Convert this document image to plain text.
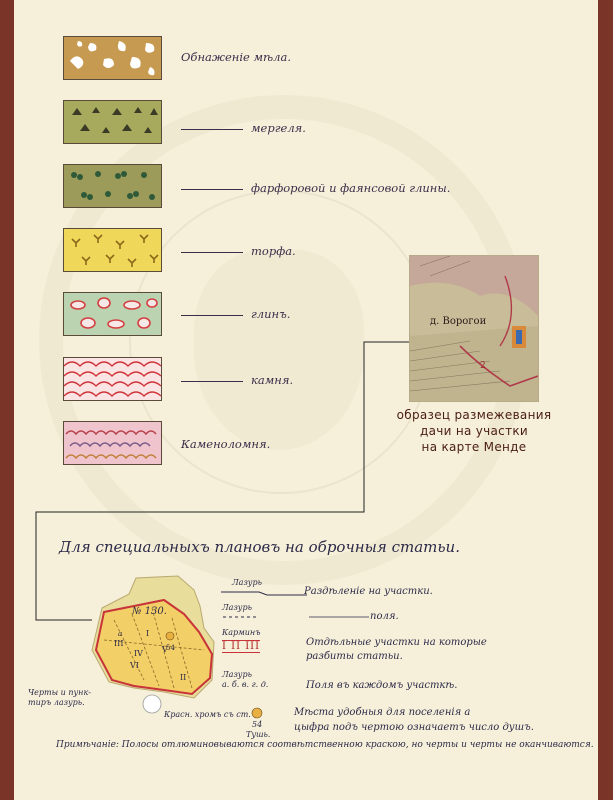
Обнаженіе мѣла.
мергеля.
фарфоровой и фаянсовой глины.
торфа.
глинъ.
камня.
Каменоломня.
д. Ворогои
2
образец размежевания
дачи на участки
на карте Менде
Для специальныхъ плановъ на оброчныя статьи.
№ 130.
I
IV
III
VI
V
II
54
a
Черты и пунк-
тиръ лазурь.
Лазурь
Раздѣленіе на участки.
Лазурь
поля.
Карминъ
I II III	Отдѣльные участки на которые
разбиты статьи.
Лазурь
а. б. в. г. д.	Поля въ каждомъ участкѣ.
Красн. хромъ съ ст.
54
Тушь.
Мѣста удобныя для поселенія а
цыфра подъ чертою означаетъ число душъ.
Примѣчаніе: Полосы отлюминовываются соотвѣтственною краскою, но черты и черты не оканчиваются.
